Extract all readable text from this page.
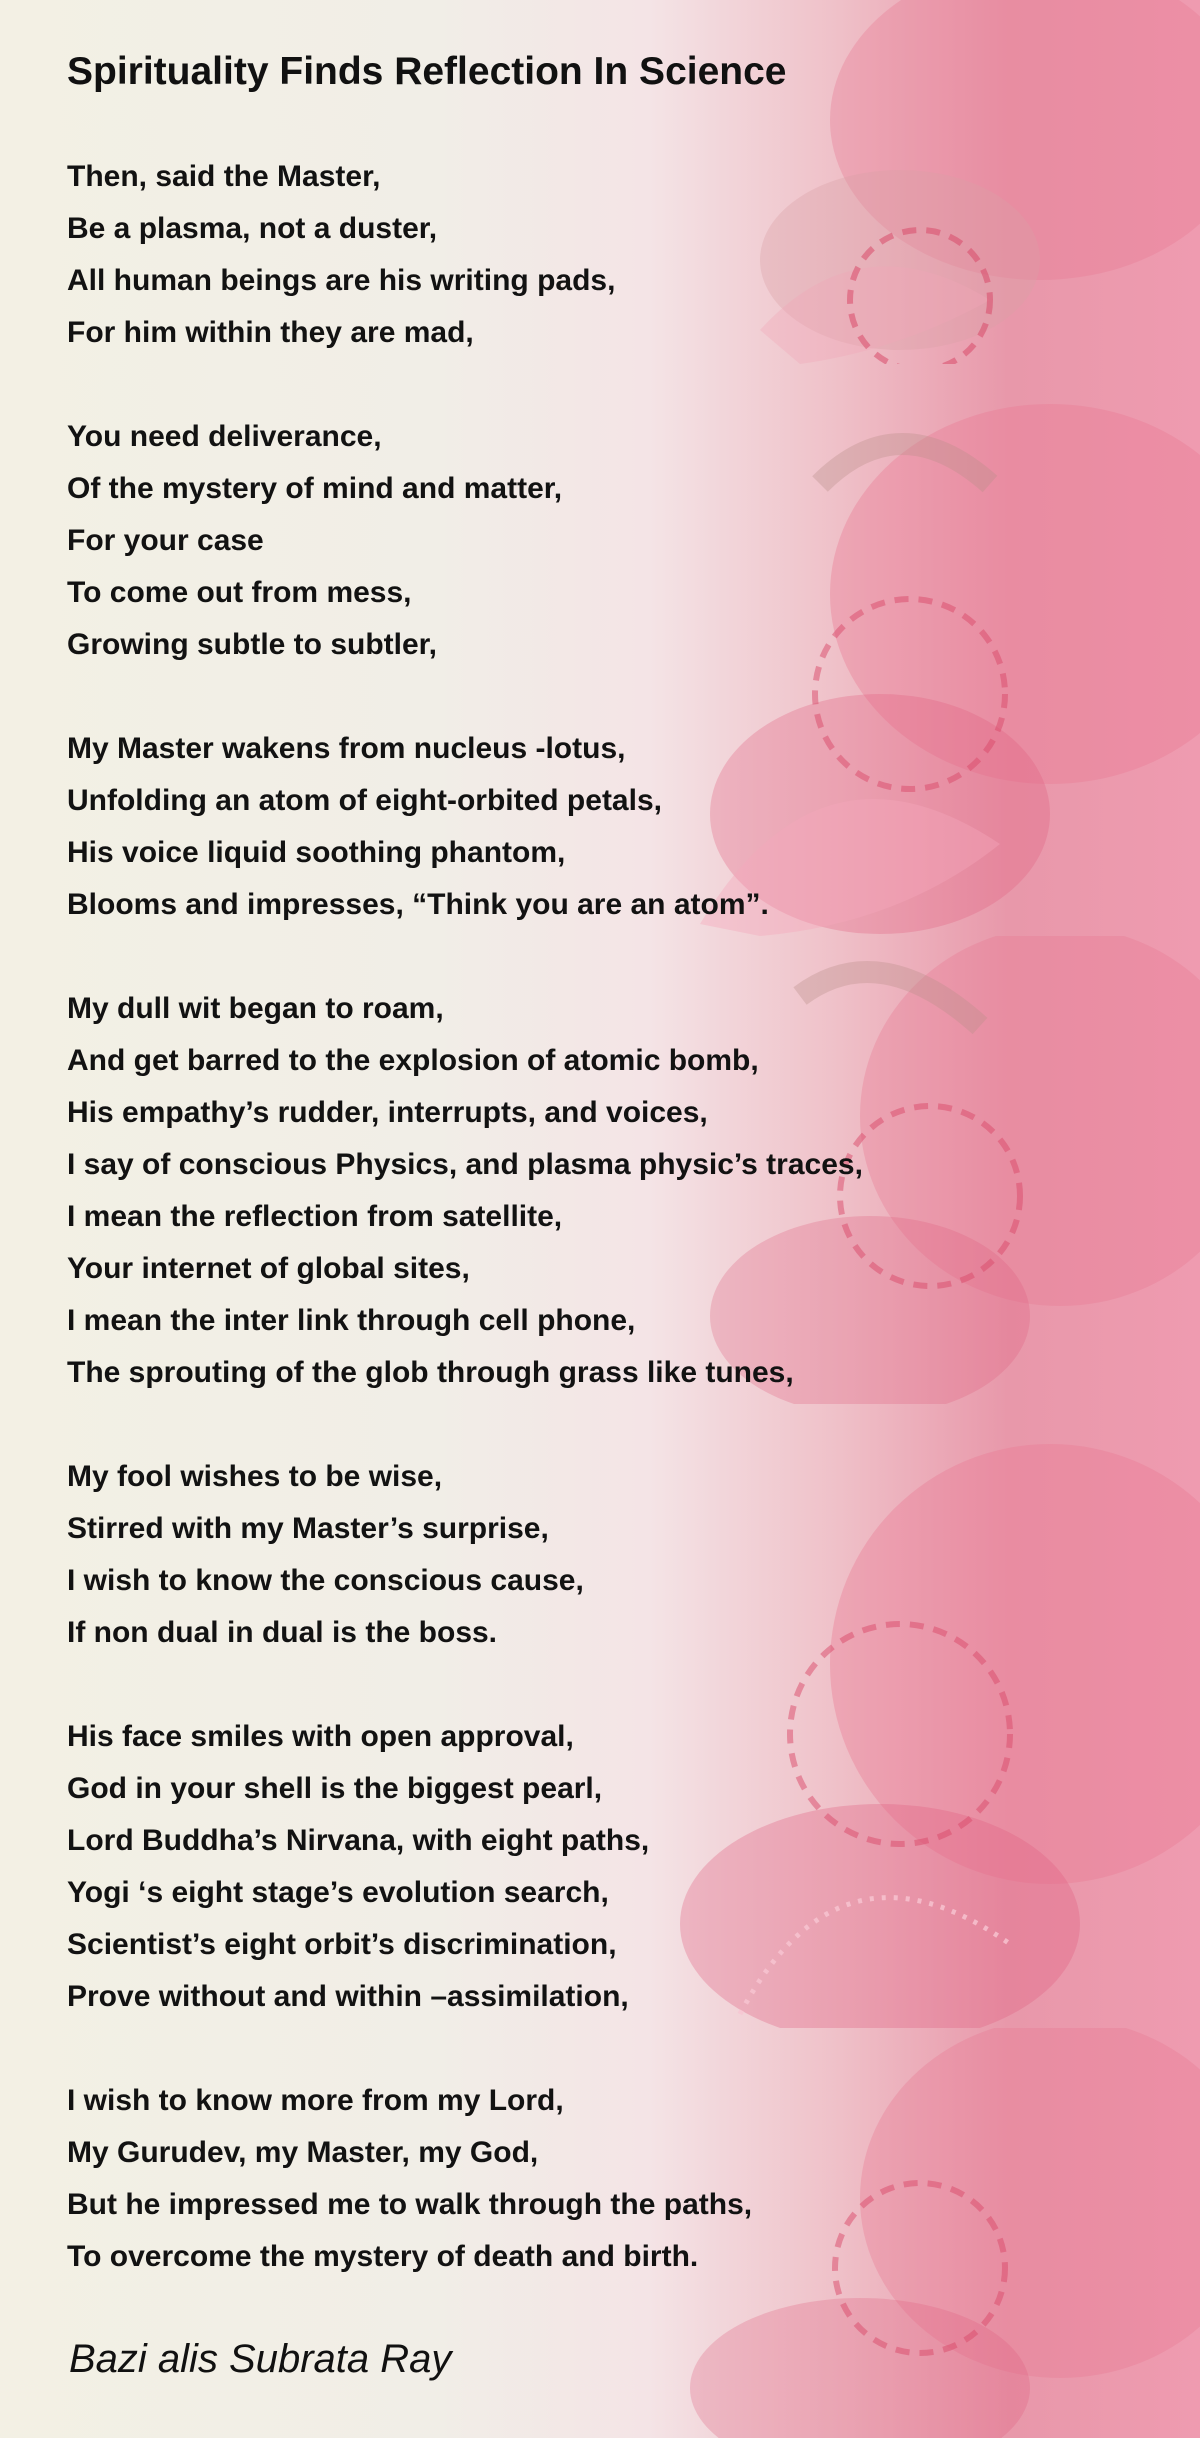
Spirituality Finds Reflection In Science

Then, said the Master,

Be a plasma, not a duster,

All human beings are his writing pads,

For him within they are mad,

You need deliverance,

Of the mystery of mind and matter,

For your case

To come out from mess,

Growing subtle to subtler,

My Master wakens from nucleus -lotus,

Unfolding an atom of eight-orbited petals,

His voice liquid soothing phantom,

Blooms and impresses, “Think you are an atom”.

My dull wit began to roam,

And get barred to the explosion of atomic bomb,

His empathy’s rudder, interrupts, and voices,

I say of conscious Physics, and plasma physic’s traces,

I mean the reflection from satellite,

Your internet of global sites,

I mean the inter link through cell phone,

The sprouting of the glob through grass like tunes,

My fool wishes to be wise,

Stirred with my Master’s surprise,

I wish to know the conscious cause,

If non dual in dual is the boss.

His face smiles with open approval,

God in your shell is the biggest pearl,

Lord Buddha’s Nirvana, with eight paths,

Yogi ‘s eight stage’s evolution search,

Scientist’s eight orbit’s discrimination,

Prove without and within –assimilation,

I wish to know more from my Lord,

My Gurudev, my Master, my God,

But he impressed me to walk through the paths,

To overcome the mystery of death and birth.

Bazi alis Subrata Ray
